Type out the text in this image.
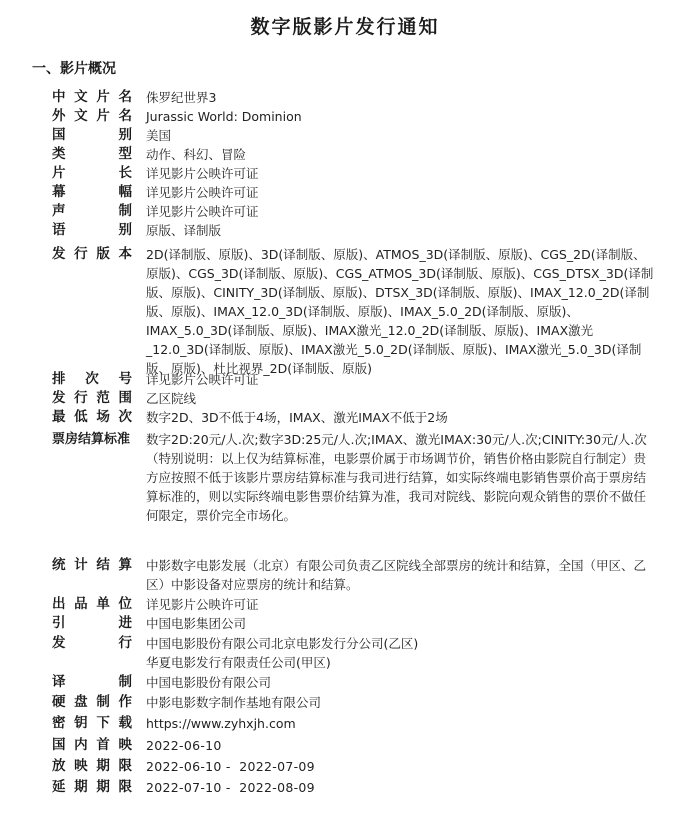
数字版影片发行通知
一、影片概况
中文片名 侏罗纪世界3
外文片名 Jurassic World: Dominion
国别 美国
类型 动作、科幻、冒险
片长 详见影片公映许可证
幕幅 详见影片公映许可证
声制 详见影片公映许可证
语别 原版、译制版
发行版本 2D(译制版、原版)、3D(译制版、原版)、ATMOS_3D(译制版、原版)、CGS_2D(译制版、原版)、CGS_3D(译制版、原版)、CGS_ATMOS_3D(译制版、原版)、CGS_DTSX_3D(译制版、原版)、CINITY_3D(译制版、原版)、DTSX_3D(译制版、原版)、IMAX_12.0_2D(译制版、原版)、IMAX_12.0_3D(译制版、原版)、IMAX_5.0_2D(译制版、原版)、IMAX_5.0_3D(译制版、原版)、IMAX激光_12.0_2D(译制版、原版)、IMAX激光_12.0_3D(译制版、原版)、IMAX激光_5.0_2D(译制版、原版)、IMAX激光_5.0_3D(译制版、原版)、杜比视界_2D(译制版、原版)
排次号 详见影片公映许可证
发行范围 乙区院线
最低场次 数字2D、3D不低于4场，IMAX、激光IMAX不低于2场
票房结算标准 数字2D:20元/人.次;数字3D:25元/人.次;IMAX、激光IMAX:30元/人.次;CINITY:30元/人.次
（特别说明：以上仅为结算标准，电影票价属于市场调节价，销售价格由影院自行制定）贵方应按照不低于该影片票房结算标准与我司进行结算，如实际终端电影销售票价高于票房结算标准的，则以实际终端电影售票价结算为准，我司对院线、影院向观众销售的票价不做任何限定，票价完全市场化。
统计结算 中影数字电影发展（北京）有限公司负责乙区院线全部票房的统计和结算，全国（甲区、乙区）中影设备对应票房的统计和结算。
出品单位 详见影片公映许可证
引进 中国电影集团公司
发行 中国电影股份有限公司北京电影发行分公司(乙区)
华夏电影发行有限责任公司(甲区)
译制 中国电影股份有限公司
硬盘制作 中影电影数字制作基地有限公司
密钥下载 https://www.zyhxjh.com
国内首映 2022-06-10
放映期限 2022-06-10 -  2022-07-09
延期期限 2022-07-10 -  2022-08-09
